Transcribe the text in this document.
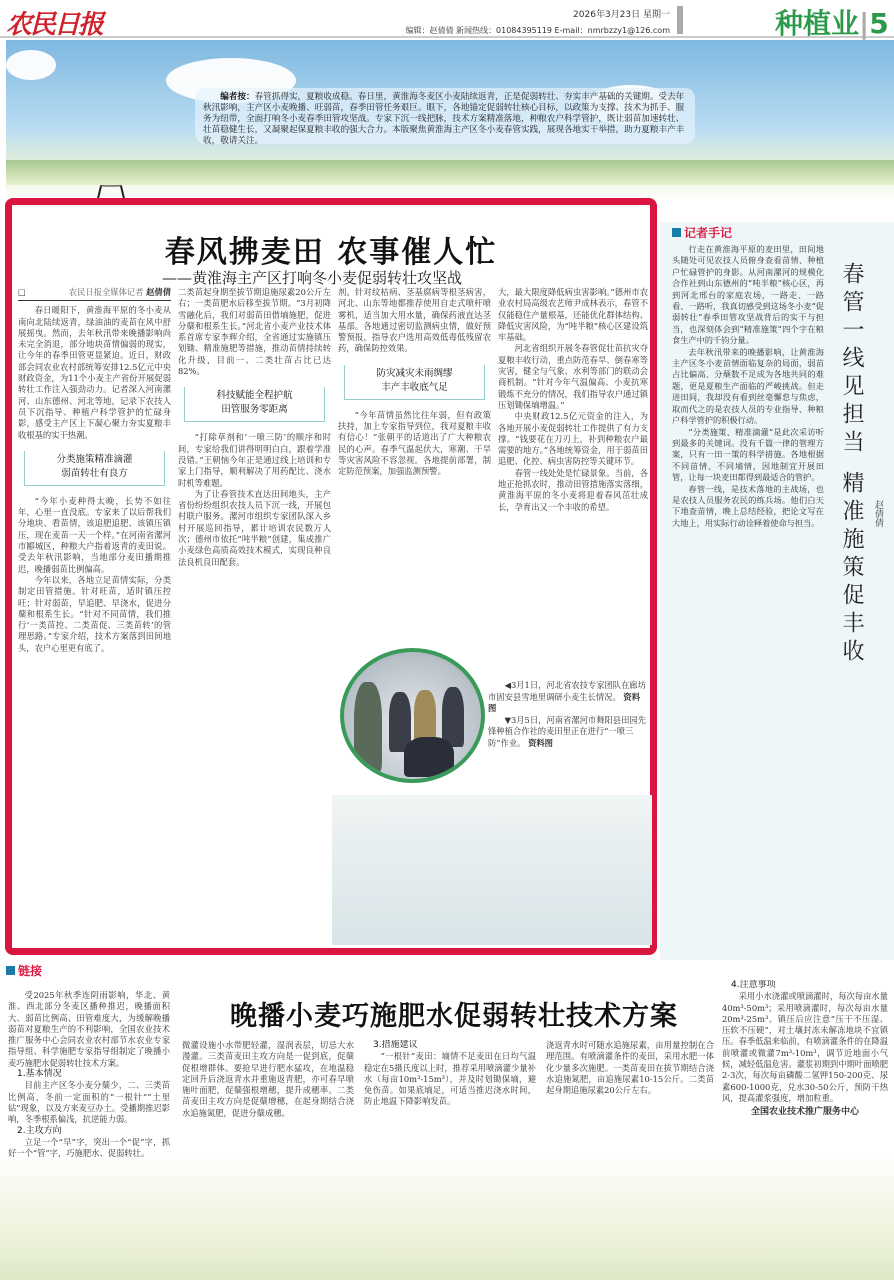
农民日报	2026年3月23日 星期一
编辑：赵倩倩 新闻热线：01084395119 E-mail：nmrbzzy1@126.com	种植业|5
编者按：春管抓得实，夏粮收成稳。春日里，黄淮海冬麦区小麦陆续返青，正是促弱转壮、夯实丰产基础的关键期。受去年秋汛影响，主产区小麦晚播、旺弱苗，春季田管任务艰巨。眼下，各地锚定促弱转壮核心目标，以政策为支撑、技术为抓手、服务为纽带，全面打响冬小麦春季田管攻坚战。专家下沉一线把脉，技术方案精准落地，种粮农户科学管护，既让弱苗加速转壮、壮苗稳健生长，又凝聚起保夏粮丰收的强大合力。本版聚焦黄淮海主产区冬小麦春管实践，展现各地实干举措，助力夏粮丰产丰收，敬请关注。
春风拂麦田 农事催人忙
——黄淮海主产区打响冬小麦促弱转壮攻坚战
□	农民日报全媒体记者 赵倩倩

春日暖阳下，黄淮海平原的冬小麦从南向北陆续返青，绿油油的麦苗在风中舒展摇曳。然而，去年秋汛带来晚播影响尚未完全消退，部分地块苗情偏弱的现实，让今年的春季田管更显紧迫。近日，财政部会同农业农村部统筹安排12.5亿元中央财政资金，为11个小麦主产省份开展促弱转壮工作注入强劲动力。记者深入河南漯河、山东德州、河北等地，记录下农技人员下沉指导、种植户科学管护的忙碌身影，感受主产区上下凝心聚力夯实夏粮丰收根基的实干热潮。

分类施策精准滴灌
弱苗转壮有良方

“今年小麦种得太晚，长势不如往年，心里一直没底。专家来了以后帮我们分地块、看苗情，该追肥追肥、该镇压镇压，现在麦苗一天一个样。”在河南省漯河市郾城区，种粮大户指着返青的麦田说。受去年秋汛影响，当地部分麦田播期推迟，晚播弱苗比例偏高。

今年以来，各地立足苗情实际，分类制定田管措施。针对旺苗，适时镇压控旺；针对弱苗，早追肥、早浇水，促进分蘖和根系生长。“针对不同苗情，我们推行‘一类苗控、二类苗促、三类苗转’的管理思路。”专家介绍，技术方案落到田间地头，农户心里更有底了。

二类苗起身期至拔节期追施尿素20公斤左右；一类苗肥水后移至拔节期。“3月初降雪融化后，我们对弱苗田借墒施肥，促进分蘖和根系生长。”河北省小麦产业技术体系首席专家李辉介绍，全省通过实施镇压划锄、精准施肥等措施，推动苗情持续转化升级，目前一、二类壮苗占比已达82%。

科技赋能全程护航
田管服务零距离

“打除草剂和‘一喷三防’的顺序和时间，专家给我们讲得明明白白，跟着学准没错。”王朝恼今年正是通过线上培训和专家上门指导，顺利解决了用药配比、浇水时机等难题。

为了让春管技术直达田间地头，主产省份纷纷组织农技人员下沉一线，开展包村联户服务。漯河市组织专家团队深入乡村开展巡回指导，累计培训农民数万人次；德州市依托“吨半粮”创建，集成推广小麦绿色高质高效技术模式，实现良种良法良机良田配套。

剂。针对纹枯病、茎基腐病等根茎病害，河北、山东等地都推荐使用自走式喷杆喷雾机，适当加大用水量，确保药液直达茎基部。各地通过密切监测病虫情，做好预警预报，指导农户选用高效低毒低残留农药，确保防控效果。

防灾减灾未雨绸缪
丰产丰收底气足

“今年苗情虽然比往年弱，但有政策扶持，加上专家指导到位，我对夏粮丰收有信心！”张朝平的话道出了广大种粮农民的心声。春季气温起伏大，寒潮、干旱等灾害风险不容忽视。各地提前部署，制定防范预案，加强监测预警。

大，最大限度降低病虫害影响。”德州市农业农村局高级农艺师尹成林表示，春管不仅能稳住产量根基，还能优化群体结构、降低灾害风险，为“吨半粮”核心区建设筑牢基础。

河北省组织开展冬春管促壮苗抗灾夺夏粮丰收行动，重点防范春旱、倒春寒等灾害，健全与气象、水利等部门的联动会商机制。“针对今年气温偏高、小麦抗寒锻炼不充分的情况，我们指导农户通过镇压划锄保墒增温。”

中央财政12.5亿元资金的注入，为各地开展小麦促弱转壮工作提供了有力支撑。“钱要花在刀刃上，补到种粮农户最需要的地方。”各地统筹资金，用于弱苗田追肥、化控、病虫害防控等关键环节。

春管一线处处是忙碌景象。当前，各地正抢抓农时，推动田管措施落实落细，黄淮海平原的冬小麦将迎着春风茁壮成长，孕育出又一个丰收的希望。

◀3月1日，河北省农技专家团队在廊坊市固安县雪地里调研小麦生长情况。 资料图

▼3月5日，河南省漯河市舞阳县田园先锋种植合作社的麦田里正在进行“一喷三防”作业。 资料图

行走在黄淮海平原的麦田里，田间地头随处可见农技人员俯身查看苗情、种植户忙碌管护的身影。从河南漯河的规模化合作社到山东德州的“吨半粮”核心区，再到河北邢台的家庭农场，一路走、一路看、一路听，我真切感受到这场冬小麦“促弱转壮”春季田管攻坚战背后的实干与担当，也深刻体会到“精准施策”四个字在粮食生产中的千钧分量。

去年秋汛带来的晚播影响，让黄淮海主产区冬小麦苗情面临复杂的局面，弱苗占比偏高、分蘖数不足成为各地共同的难题，更是夏粮生产面临的严峻挑战。但走进田间，我却没有看到丝毫懈怠与焦虑，取而代之的是农技人员的专业指导、种粮户科学管护的积极行动。

“分类施策、精准滴灌”是此次采访听到最多的关键词。没有千篇一律的管理方案，只有一田一策的科学措施。各地根据不同苗情、不同墒情，因地制宜开展田管，让每一块麦田都得到最适合的管护。

春管一线，是技术落地的主战场，也是农技人员服务农民的练兵场。他们白天下地查苗情，晚上总结经验，把论文写在大地上，用实际行动诠释着使命与担当。

记者手记
春管一线见担当 精准施策促丰收	赵倩倩

受2025年秋季连阴雨影响，华北、黄淮、西北部分冬麦区播种推迟，晚播面积大、弱苗比例高、田管难度大，为缓解晚播弱苗对夏粮生产的不利影响，全国农业技术推广服务中心会同农业农村部节水农业专家指导组、科学施肥专家指导组制定了晚播小麦巧施肥水促弱转壮技术方案。

1.基本情况

目前主产区冬小麦分蘖少，二、三类苗比例高，冬前一定面积的“一根针”“土里钻”现象，以及方来麦豆办土。受播期推迟影响，冬季根系偏浅，抗逆能力弱。

2.主攻方向

立足一个“早”字，突出一个“促”字，抓好一个“管”字，巧施肥水、促弱转壮。

微灌设施小水带肥轻灌，湿润表层，切忌大水漫灌。三类苗麦田主攻方向是一促到底，促蘖促根增群体。要抢早进行肥水猛攻，在地温稳定回升后浇返青水并重施返青肥，亦可春早喷施叶面肥，促蘖强根增穗，提升成穗率。二类苗麦田主攻方向是促蘖增穗，在起身期结合浇水追施氮肥，促进分蘖成穗。

3.措施建议

“一根针”麦田：墒情不足麦田在日均气温稳定在5摄氏度以上时，推荐采用喷滴灌少量补水（每亩10m³-15m³），并及时划锄保墒，避免伤苗。如果底墒足，可适当推迟浇水时间，防止地温下降影响发苗。

浇返青水时可随水追施尿素，亩用量控制在合理范围。有喷滴灌条件的麦田，采用水肥一体化少量多次施肥。一类苗麦田在拔节期结合浇水追施氮肥，亩追施尿素10-15公斤。二类苗起身期追施尿素20公斤左右。

4.注意事项

采用小水浇灌或喷滴灌时，每次每亩水量40m³-50m³；采用喷滴灌时，每次每亩水量20m³-25m³。镇压后应注意“压干不压湿、压软不压硬”，对土壤封冻未解冻地块不宜镇压。春季低温来临前，有喷滴灌条件的在降温前喷灌或微灌7m³-10m³，调节近地面小气候，减轻低温危害。灌浆初期到中期叶面喷肥2-3次，每次每亩磷酸二氢钾150-200克、尿素600-1000克，兑水30-50公斤，预防干热风，提高灌浆强度，增加粒重。

全国农业技术推广服务中心
链接
晚播小麦巧施肥水促弱转壮技术方案
